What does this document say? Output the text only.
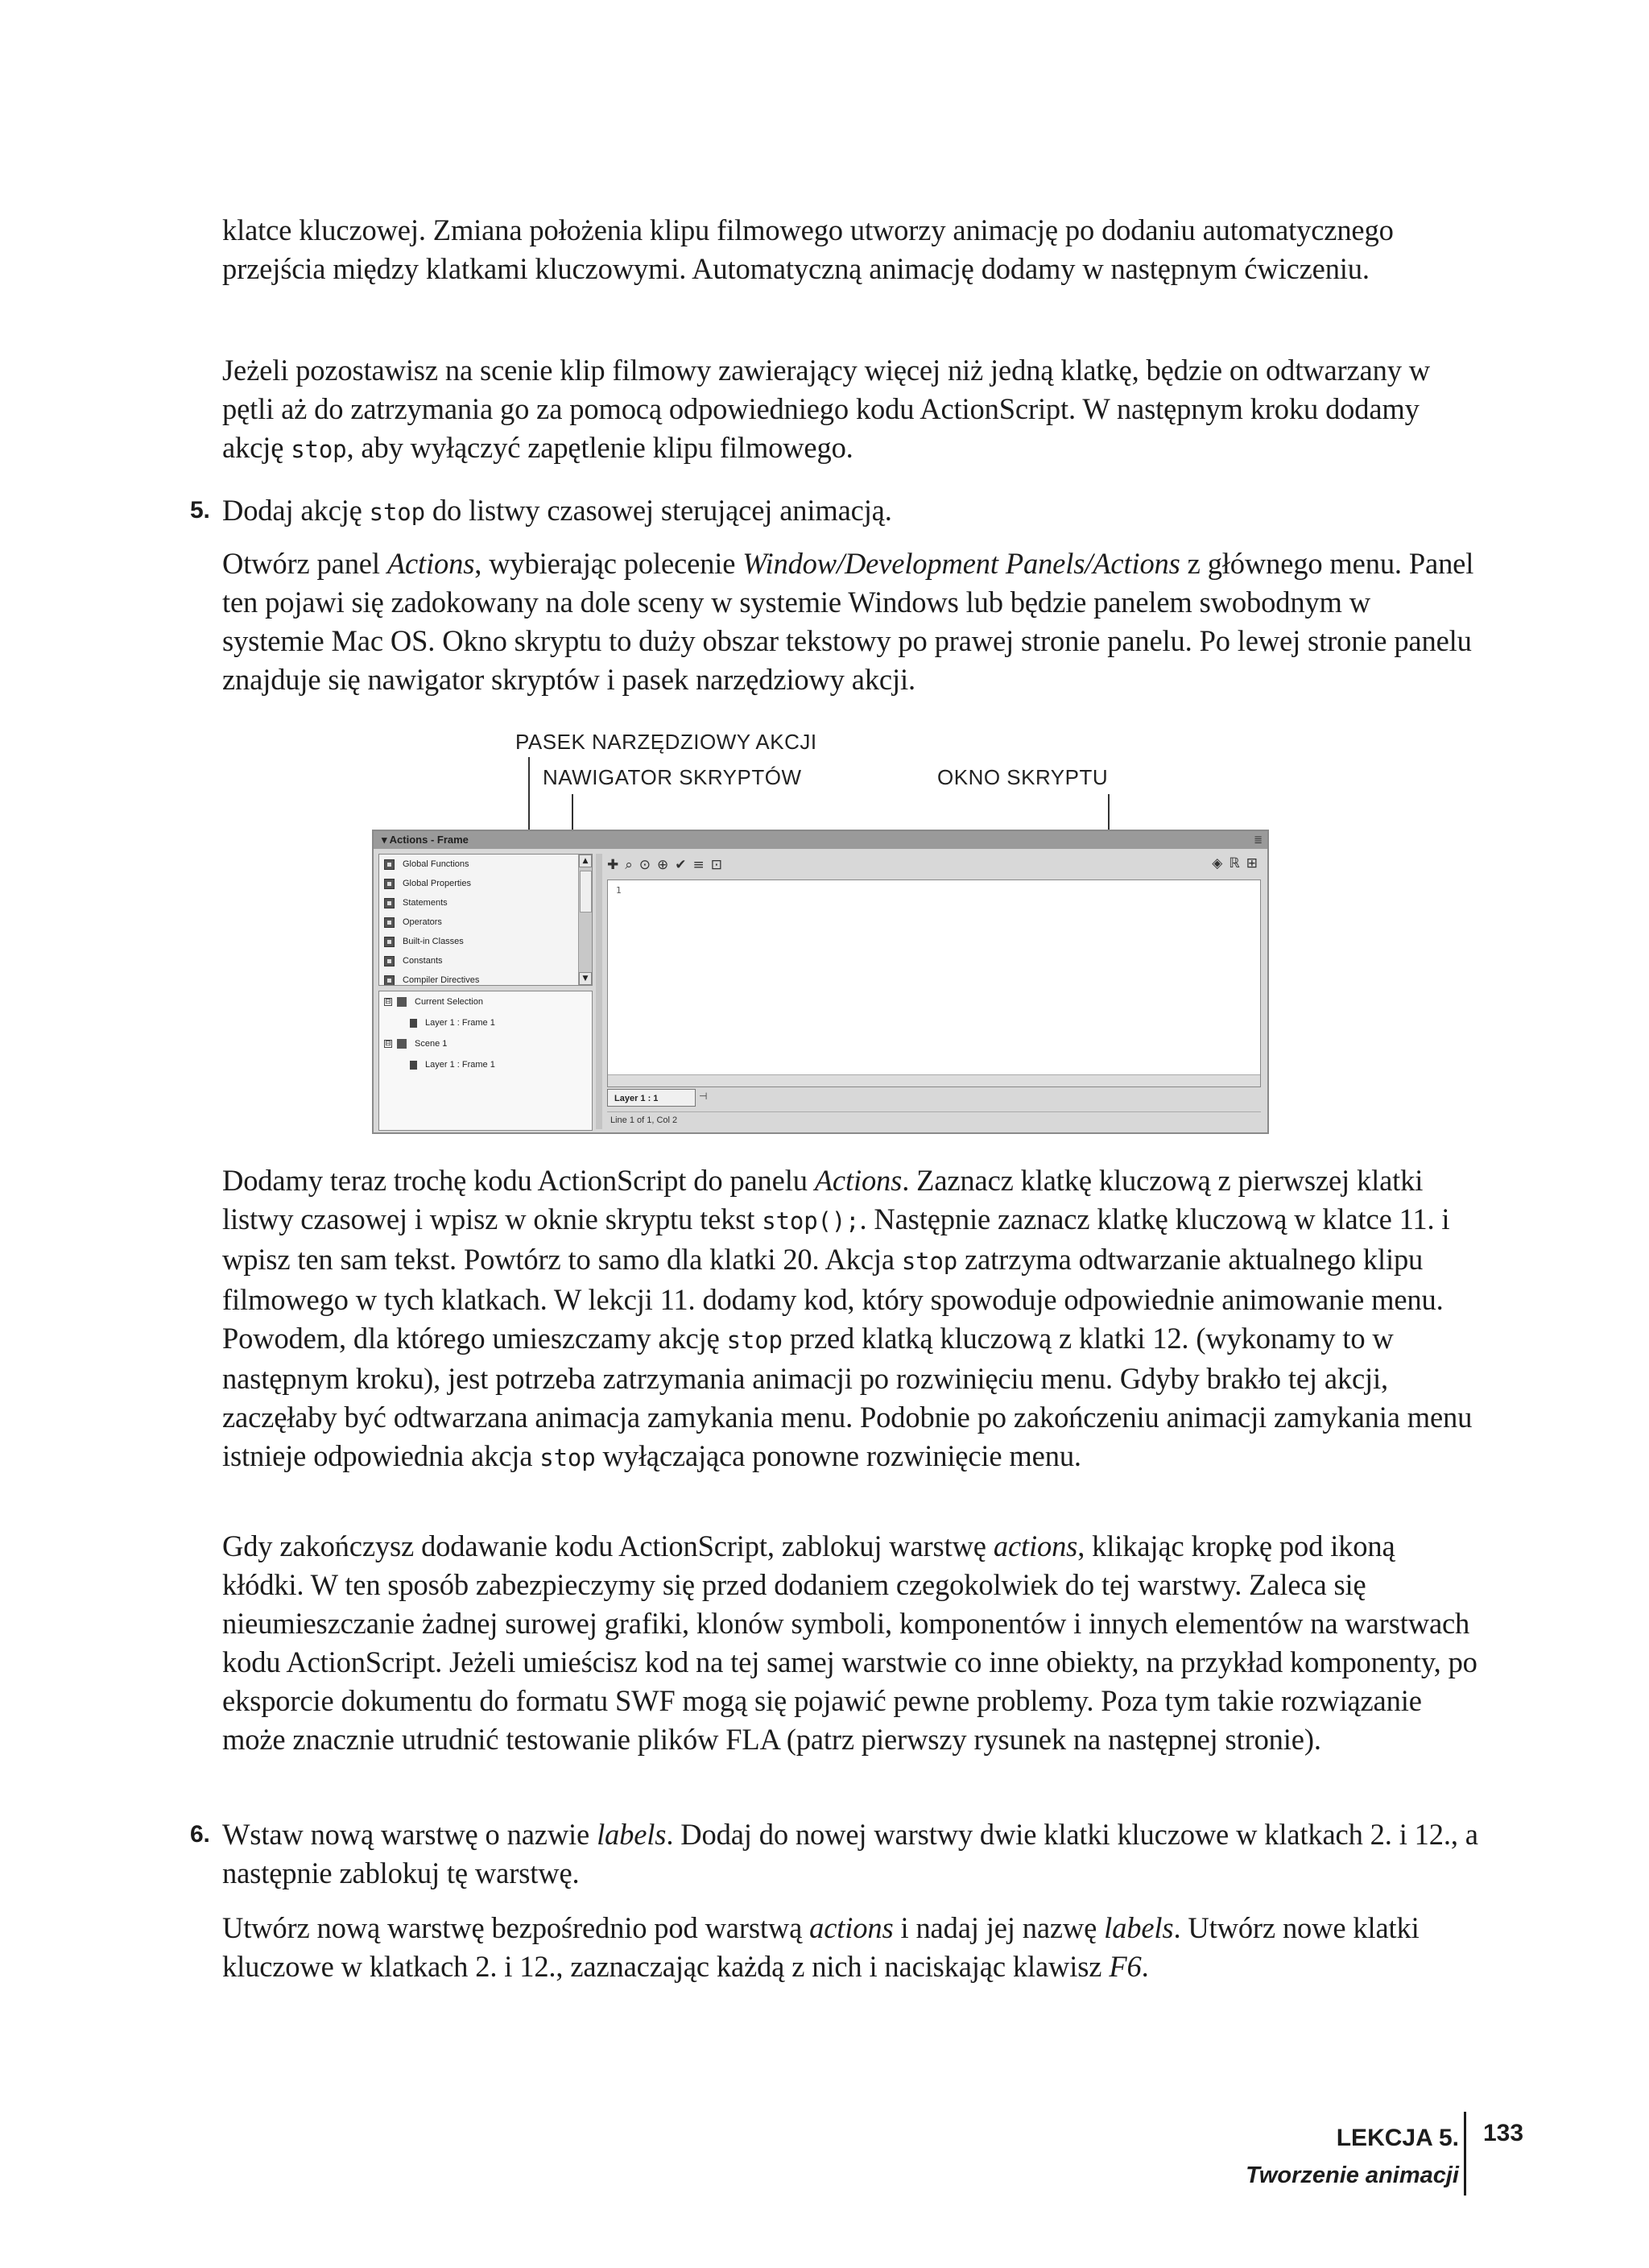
klatce kluczowej. Zmiana położenia klipu filmowego utworzy animację po dodaniu automatycznego przejścia między klatkami kluczowymi. Automatyczną animację dodamy w następnym ćwiczeniu.

Jeżeli pozostawisz na scenie klip filmowy zawierający więcej niż jedną klatkę, będzie on odtwarzany w pętli aż do zatrzymania go za pomocą odpowiedniego kodu ActionScript. W następnym kroku dodamy akcję stop, aby wyłączyć zapętlenie klipu filmowego.

5. Dodaj akcję stop do listwy czasowej sterującej animacją.

Otwórz panel Actions, wybierając polecenie Window/Development Panels/Actions z głównego menu. Panel ten pojawi się zadokowany na dole sceny w systemie Windows lub będzie panelem swobodnym w systemie Mac OS. Okno skryptu to duży obszar tekstowy po prawej stronie panelu. Po lewej stronie panelu znajduje się nawigator skryptów i pasek narzędziowy akcji.

PASEK NARZĘDZIOWY AKCJI
NAWIGATOR SKRYPTÓW	OKNO SKRYPTU
▾ Actions - Frame	≣
Global Functions
Global Properties
Statements
Operators
Built-in Classes
Constants
Compiler Directives
▲
▼
⊟	Current Selection
Layer 1 : Frame 1
⊟	Scene 1
Layer 1 : Frame 1
✚ ⌕ ⊙ ⊕ ✔ ≡ ⊡	◈ ℝ ⊞
1
Layer 1 : 1	⊣
Line 1 of 1, Col 2

Dodamy teraz trochę kodu ActionScript do panelu Actions. Zaznacz klatkę kluczową z pierwszej klatki listwy czasowej i wpisz w oknie skryptu tekst stop();. Następnie zaznacz klatkę kluczową w klatce 11. i wpisz ten sam tekst. Powtórz to samo dla klatki 20. Akcja stop zatrzyma odtwarzanie aktualnego klipu filmowego w tych klatkach. W lekcji 11. dodamy kod, który spowoduje odpowiednie animowanie menu. Powodem, dla którego umieszczamy akcję stop przed klatką kluczową z klatki 12. (wykonamy to w następnym kroku), jest potrzeba zatrzymania animacji po rozwinięciu menu. Gdyby brakło tej akcji, zaczęłaby być odtwarzana animacja zamykania menu. Podobnie po zakończeniu animacji zamykania menu istnieje odpowiednia akcja stop wyłączająca ponowne rozwinięcie menu.

Gdy zakończysz dodawanie kodu ActionScript, zablokuj warstwę actions, klikając kropkę pod ikoną kłódki. W ten sposób zabezpieczymy się przed dodaniem czegokolwiek do tej warstwy. Zaleca się nieumieszczanie żadnej surowej grafiki, klonów symboli, komponentów i innych elementów na warstwach kodu ActionScript. Jeżeli umieścisz kod na tej samej warstwie co inne obiekty, na przykład komponenty, po eksporcie dokumentu do formatu SWF mogą się pojawić pewne problemy. Poza tym takie rozwiązanie może znacznie utrudnić testowanie plików FLA (patrz pierwszy rysunek na następnej stronie).

6. Wstaw nową warstwę o nazwie labels. Dodaj do nowej warstwy dwie klatki kluczowe w klatkach 2. i 12., a następnie zablokuj tę warstwę.

Utwórz nową warstwę bezpośrednio pod warstwą actions i nadaj jej nazwę labels. Utwórz nowe klatki kluczowe w klatkach 2. i 12., zaznaczając każdą z nich i naciskając klawisz F6.

LEKCJA 5.
Tworzenie animacji
133
